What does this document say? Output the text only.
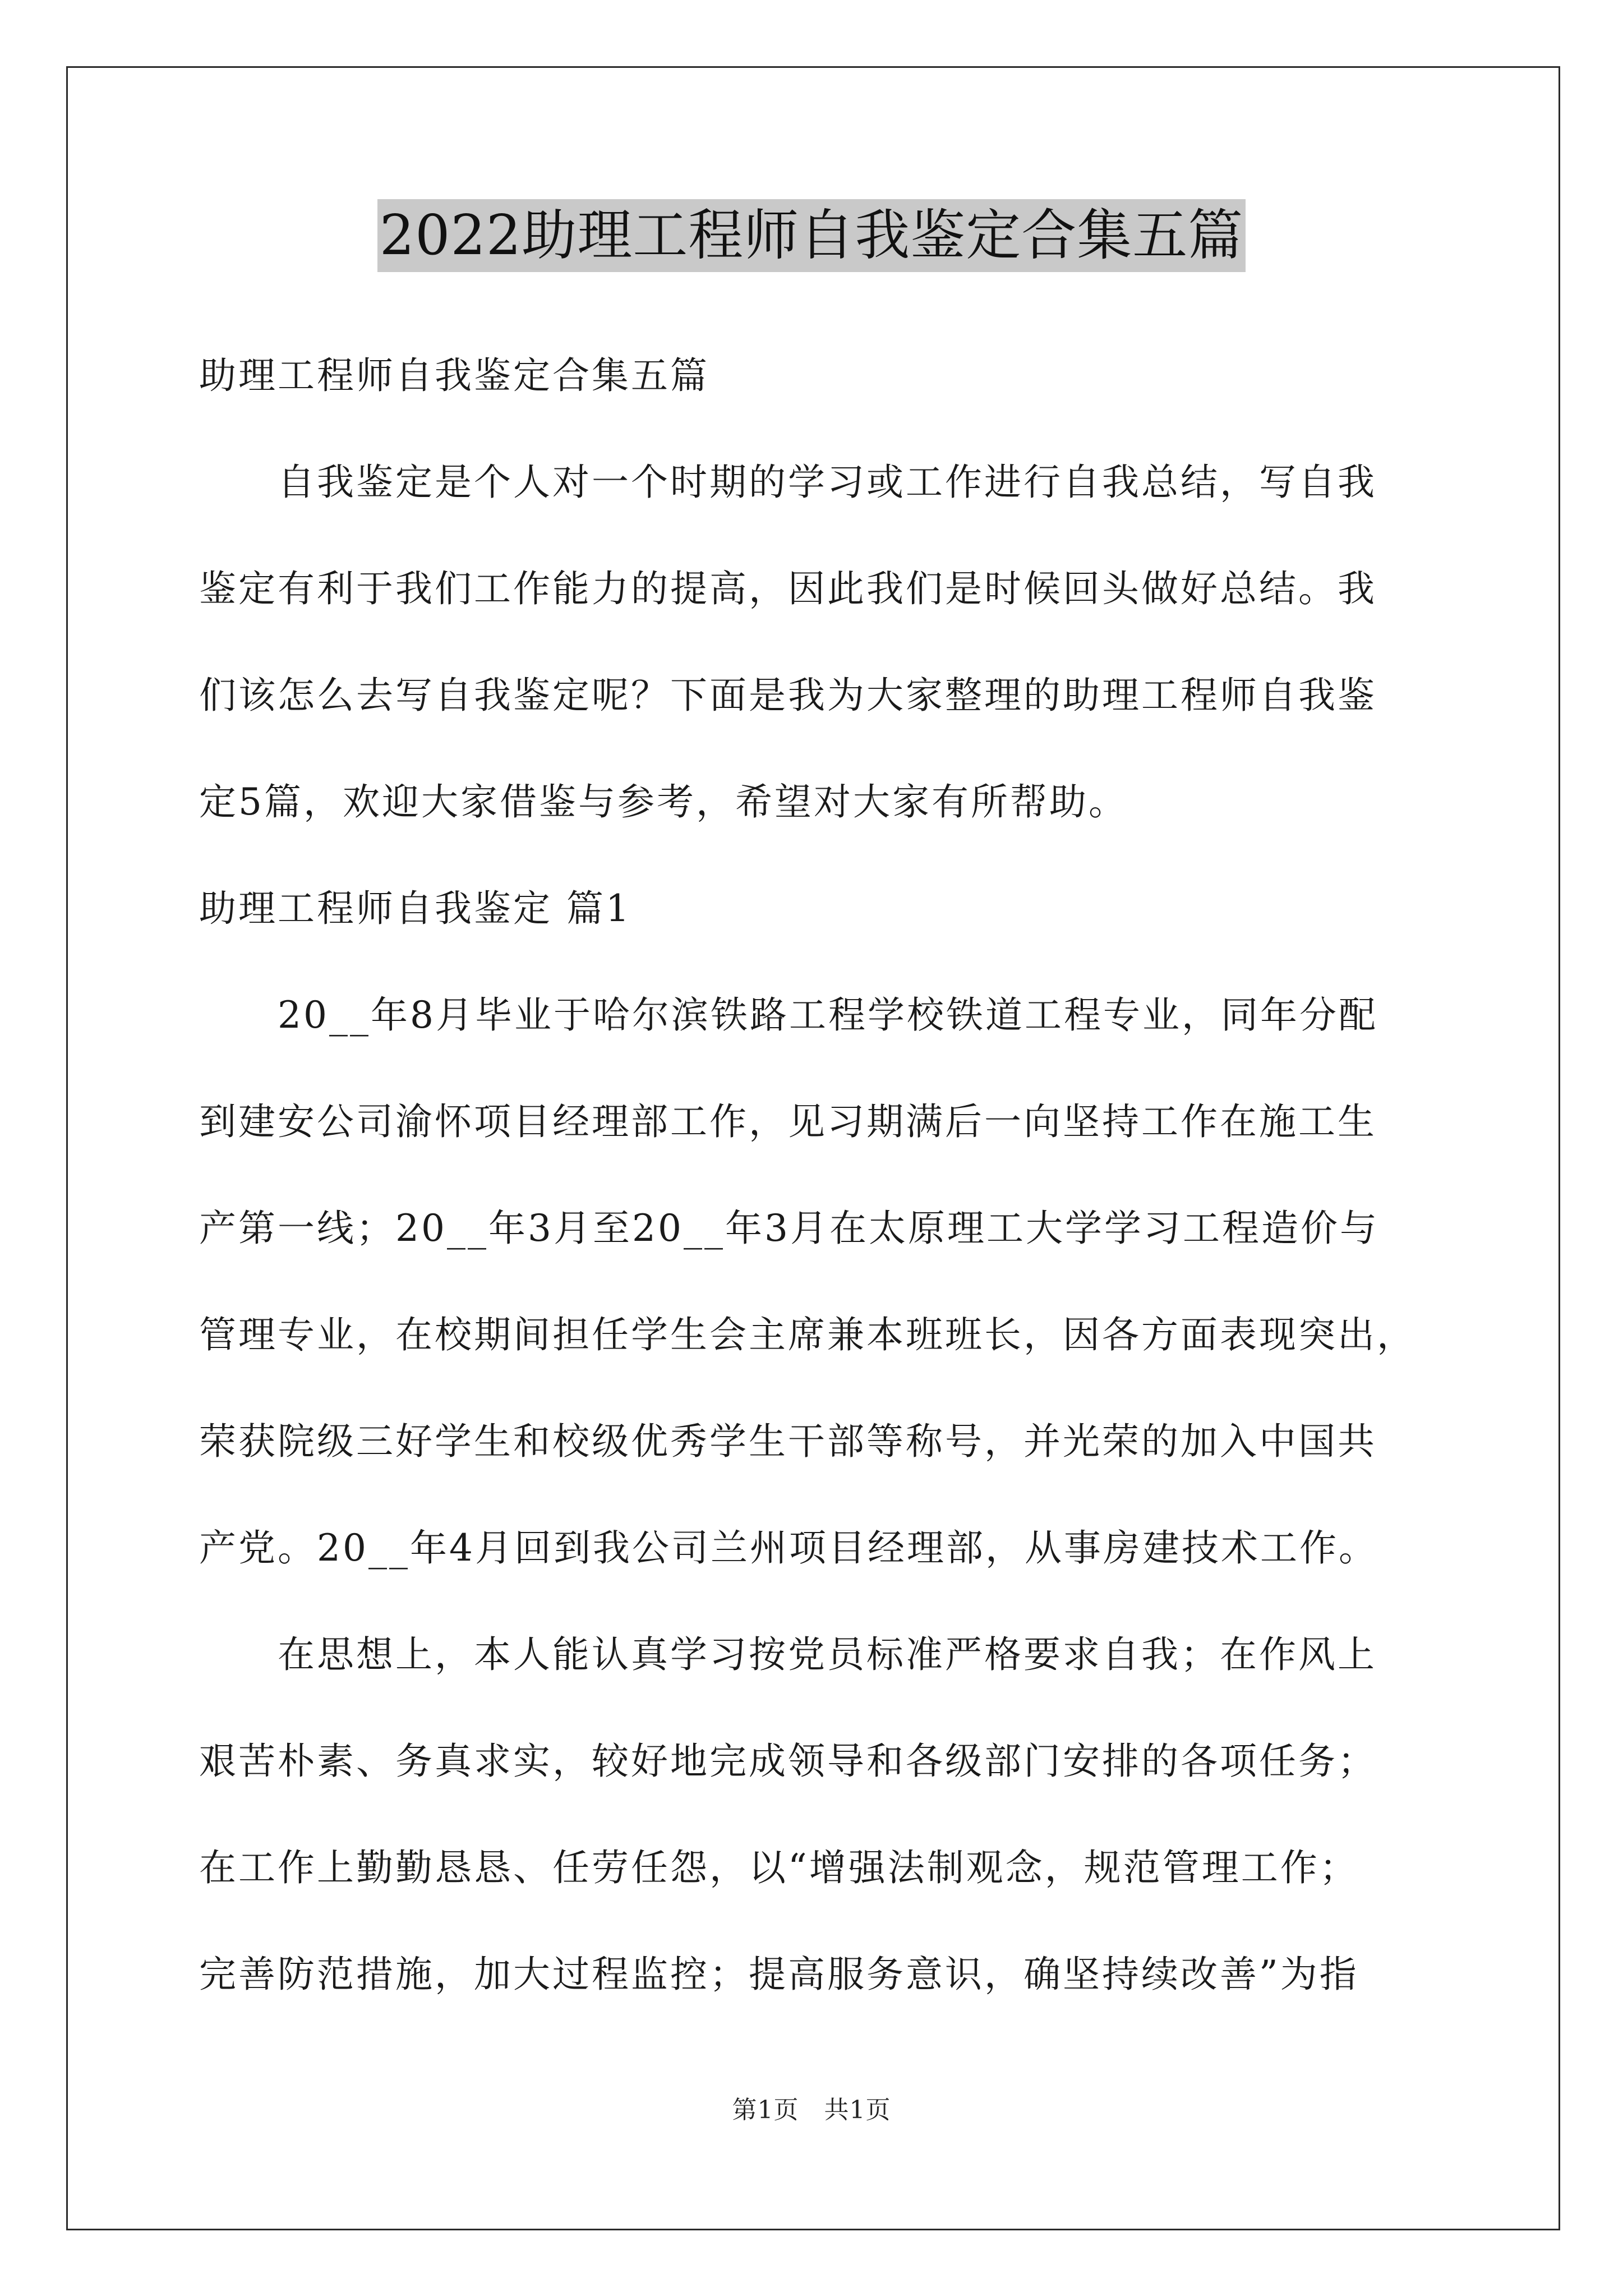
2022助理工程师自我鉴定合集五篇
助理工程师自我鉴定合集五篇
　　自我鉴定是个人对一个时期的学习或工作进行自我总结，写自我
鉴定有利于我们工作能力的提高，因此我们是时候回头做好总结。我
们该怎么去写自我鉴定呢？下面是我为大家整理的助理工程师自我鉴
定5篇，欢迎大家借鉴与参考，希望对大家有所帮助。
助理工程师自我鉴定 篇1
　　20__年8月毕业于哈尔滨铁路工程学校铁道工程专业，同年分配
到建安公司渝怀项目经理部工作，见习期满后一向坚持工作在施工生
产第一线；20__年3月至20__年3月在太原理工大学学习工程造价与
管理专业，在校期间担任学生会主席兼本班班长，因各方面表现突出，
荣获院级三好学生和校级优秀学生干部等称号，并光荣的加入中国共
产党。20__年4月回到我公司兰州项目经理部，从事房建技术工作。
　　在思想上，本人能认真学习按党员标准严格要求自我；在作风上
艰苦朴素、务真求实，较好地完成领导和各级部门安排的各项任务；
在工作上勤勤恳恳、任劳任怨，以“增强法制观念，规范管理工作；
完善防范措施，加大过程监控；提高服务意识，确坚持续改善”为指
第1页　共1页
